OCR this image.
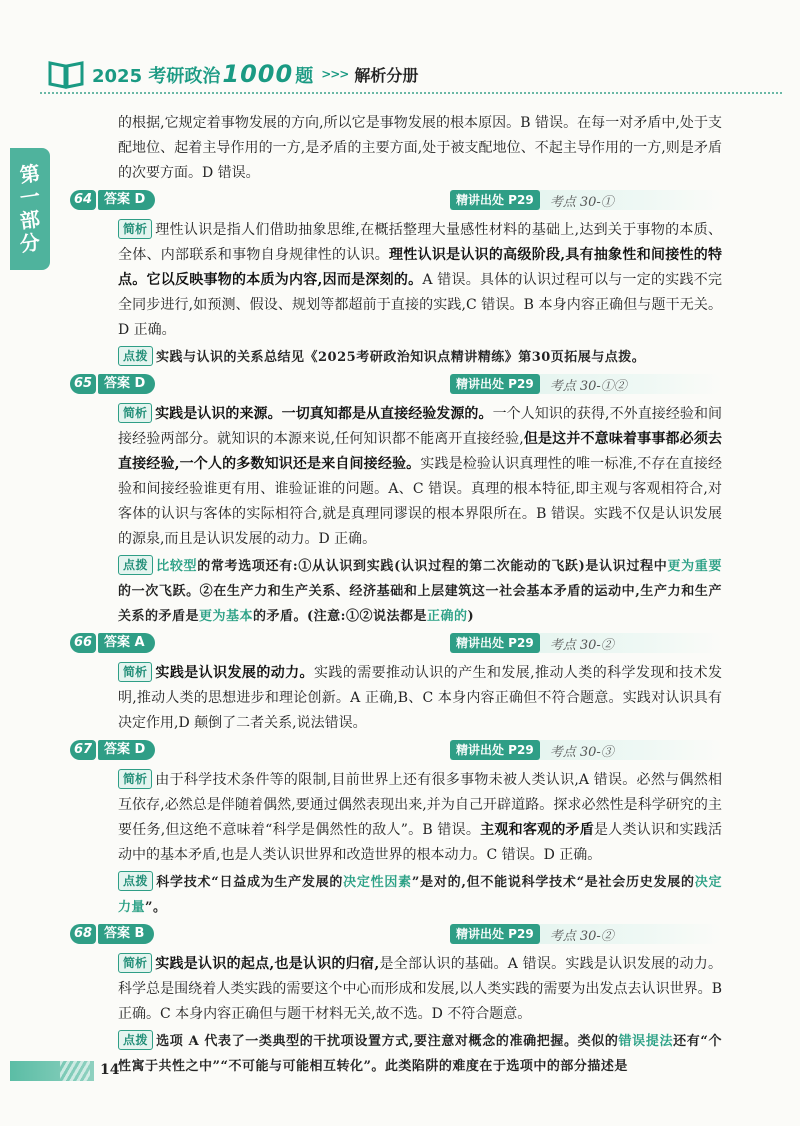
2025 考研政治1000 题 >>> 解析分册
第
一
部
分

的根据,它规定着事物发展的方向,所以它是事物发展的根本原因。B 错误。在每一对矛盾中,处于支配地位、起着主导作用的一方,是矛盾的主要方面,处于被支配地位、不起主导作用的一方,则是矛盾的次要方面。D 错误。

64 答案 D	精讲出处 P29	考点 30-①

简析 理性认识是指人们借助抽象思维,在概括整理大量感性材料的基础上,达到关于事物的本质、全体、内部联系和事物自身规律性的认识。理性认识是认识的高级阶段,具有抽象性和间接性的特点。它以反映事物的本质为内容,因而是深刻的。A 错误。具体的认识过程可以与一定的实践不完全同步进行,如预测、假设、规划等都超前于直接的实践,C 错误。B 本身内容正确但与题干无关。D 正确。

点拨 实践与认识的关系总结见《2025考研政治知识点精讲精练》第30页拓展与点拨。

65 答案 D	精讲出处 P29	考点 30-①②

简析 实践是认识的来源。一切真知都是从直接经验发源的。一个人知识的获得,不外直接经验和间接经验两部分。就知识的本源来说,任何知识都不能离开直接经验,但是这并不意味着事事都必须去直接经验,一个人的多数知识还是来自间接经验。实践是检验认识真理性的唯一标准,不存在直接经验和间接经验谁更有用、谁验证谁的问题。A、C 错误。真理的根本特征,即主观与客观相符合,对客体的认识与客体的实际相符合,就是真理同谬误的根本界限所在。B 错误。实践不仅是认识发展的源泉,而且是认识发展的动力。D 正确。

点拨 比较型的常考选项还有:①从认识到实践(认识过程的第二次能动的飞跃)是认识过程中更为重要的一次飞跃。②在生产力和生产关系、经济基础和上层建筑这一社会基本矛盾的运动中,生产力和生产关系的矛盾是更为基本的矛盾。(注意:①②说法都是正确的)

66 答案 A	精讲出处 P29	考点 30-②

简析 实践是认识发展的动力。实践的需要推动认识的产生和发展,推动人类的科学发现和技术发明,推动人类的思想进步和理论创新。A 正确,B、C 本身内容正确但不符合题意。实践对认识具有决定作用,D 颠倒了二者关系,说法错误。

67 答案 D	精讲出处 P29	考点 30-③

简析 由于科学技术条件等的限制,目前世界上还有很多事物未被人类认识,A 错误。必然与偶然相互依存,必然总是伴随着偶然,要通过偶然表现出来,并为自己开辟道路。探求必然性是科学研究的主要任务,但这绝不意味着“科学是偶然性的敌人”。B 错误。主观和客观的矛盾是人类认识和实践活动中的基本矛盾,也是人类认识世界和改造世界的根本动力。C 错误。D 正确。

点拨 科学技术“日益成为生产发展的决定性因素”是对的,但不能说科学技术“是社会历史发展的决定力量”。

68 答案 B	精讲出处 P29	考点 30-②

简析 实践是认识的起点,也是认识的归宿,是全部认识的基础。A 错误。实践是认识发展的动力。科学总是围绕着人类实践的需要这个中心而形成和发展,以人类实践的需要为出发点去认识世界。B 正确。C 本身内容正确但与题干材料无关,故不选。D 不符合题意。

点拨 选项 A 代表了一类典型的干扰项设置方式,要注意对概念的准确把握。类似的错误提法还有“个性寓于共性之中”“不可能与可能相互转化”。此类陷阱的难度在于选项中的部分描述是

14
